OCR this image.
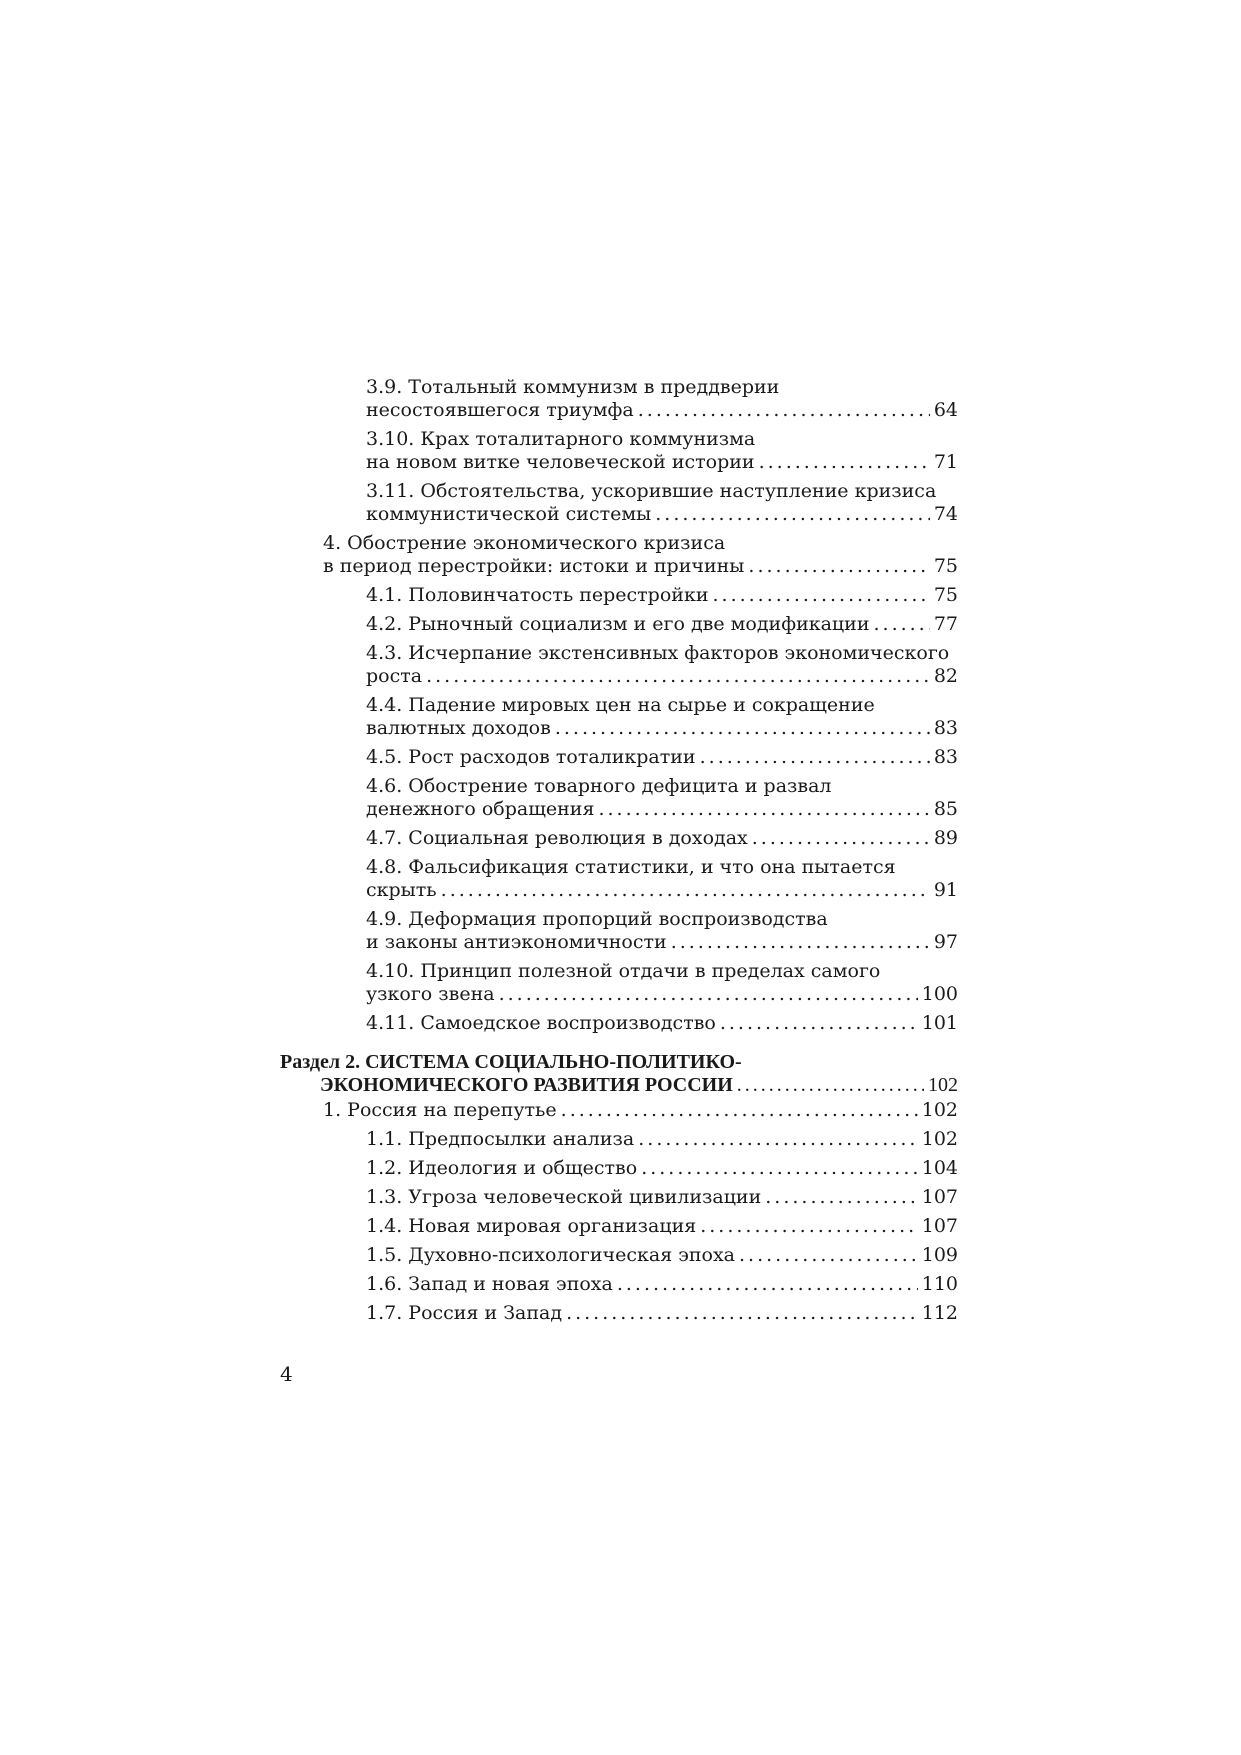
3.9. Тотальный коммунизм в преддверии
несостоявшегося триумфа .....	64
3.10. Крах тоталитарного коммунизма
на новом витке человеческой истории .....	71
3.11. Обстоятельства, ускорившие наступление кризиса
коммунистической системы .....	74
4. Обострение экономического кризиса
в период перестройки: истоки и причины .....	75
4.1. Половинчатость перестройки .....	75
4.2. Рыночный социализм и его две модификации .....	77
4.3. Исчерпание экстенсивных факторов экономического
роста .....	82
4.4. Падение мировых цен на сырье и сокращение
валютных доходов .....	83
4.5. Рост расходов тоталикратии .....	83
4.6. Обострение товарного дефицита и развал
денежного обращения .....	85
4.7. Социальная революция в доходах .....	89
4.8. Фальсификация статистики, и что она пытается
скрыть .....	91
4.9. Деформация пропорций воспроизводства
и законы антиэкономичности .....	97
4.10. Принцип полезной отдачи в пределах самого
узкого звена .....	100
4.11. Самоедское воспроизводство .....	101
Раздел 2. СИСТЕМА СОЦИАЛЬНО-ПОЛИТИКО-
ЭКОНОМИЧЕСКОГО РАЗВИТИЯ РОССИИ .....	102
1. Россия на перепутье .....	102
1.1. Предпосылки анализа .....	102
1.2. Идеология и общество .....	104
1.3. Угроза человеческой цивилизации .....	107
1.4. Новая мировая организация .....	107
1.5. Духовно-психологическая эпоха .....	109
1.6. Запад и новая эпоха .....	110
1.7. Россия и Запад .....	112
4
